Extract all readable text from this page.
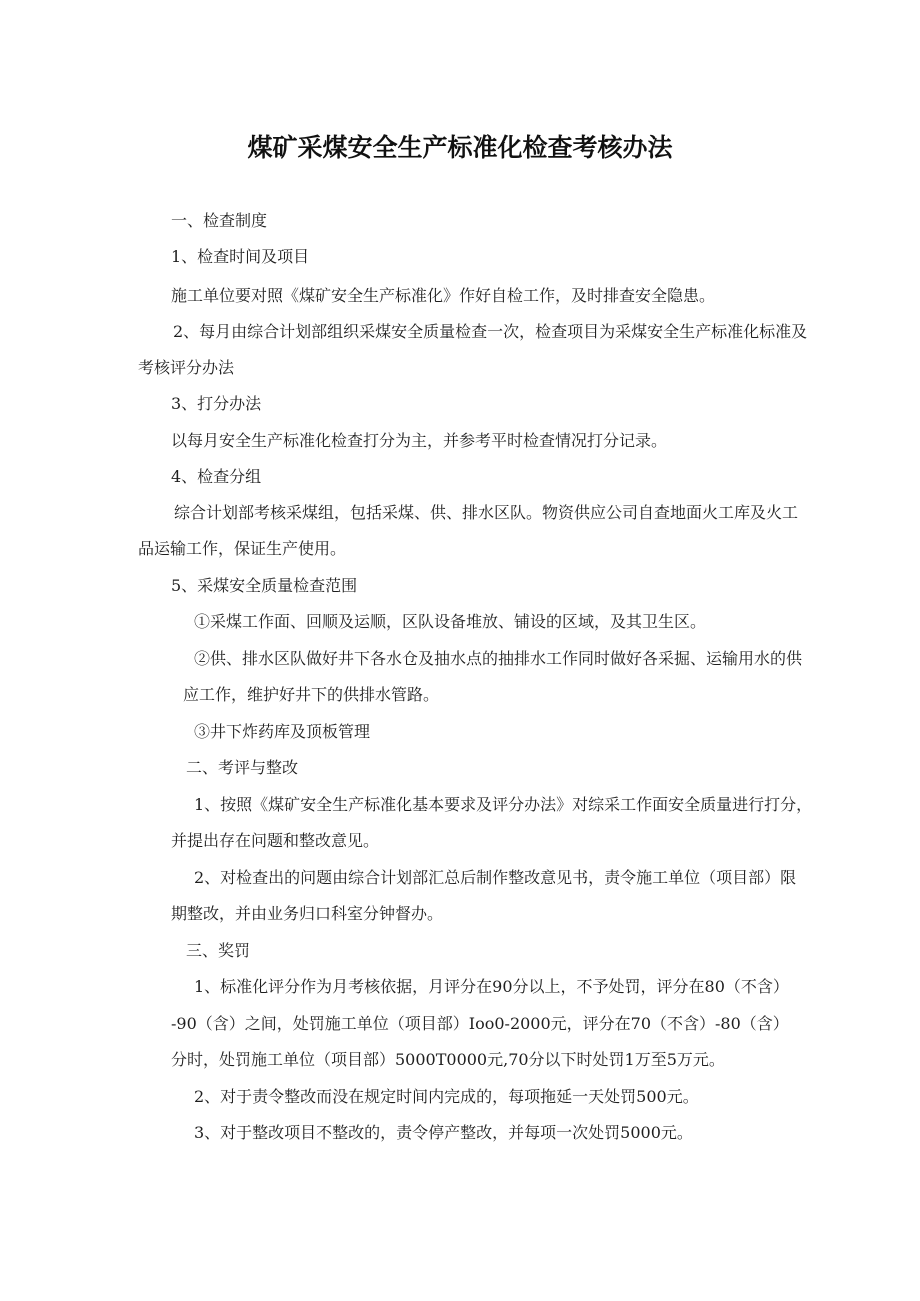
煤矿采煤安全生产标准化检查考核办法
一、检查制度
1、检查时间及项目
施工单位要对照《煤矿安全生产标准化》作好自检工作，及时排查安全隐患。
2、每月由综合计划部组织采煤安全质量检查一次，检查项目为采煤安全生产标准化标准及
考核评分办法
3、打分办法
以每月安全生产标准化检查打分为主，并参考平时检查情况打分记录。
4、检查分组
综合计划部考核采煤组，包括采煤、供、排水区队。物资供应公司自查地面火工库及火工
品运输工作，保证生产使用。
5、采煤安全质量检查范围
①采煤工作面、回顺及运顺，区队设备堆放、铺设的区域，及其卫生区。
②供、排水区队做好井下各水仓及抽水点的抽排水工作同时做好各采掘、运输用水的供
应工作，维护好井下的供排水管路。
③井下炸药库及顶板管理
二、考评与整改
1、按照《煤矿安全生产标准化基本要求及评分办法》对综采工作面安全质量进行打分，
并提出存在问题和整改意见。
2、对检查出的问题由综合计划部汇总后制作整改意见书，责令施工单位（项目部）限
期整改，并由业务归口科室分钟督办。
三、奖罚
1、标准化评分作为月考核依据，月评分在90分以上，不予处罚，评分在80（不含）
-90（含）之间，处罚施工单位（项目部）Ioo0-2000元，评分在70（不含）-80（含）
分时，处罚施工单位（项目部）5000T0000元,70分以下时处罚1万至5万元。
2、对于责令整改而没在规定时间内完成的，每项拖延一天处罚500元。
3、对于整改项目不整改的，责令停产整改，并每项一次处罚5000元。
